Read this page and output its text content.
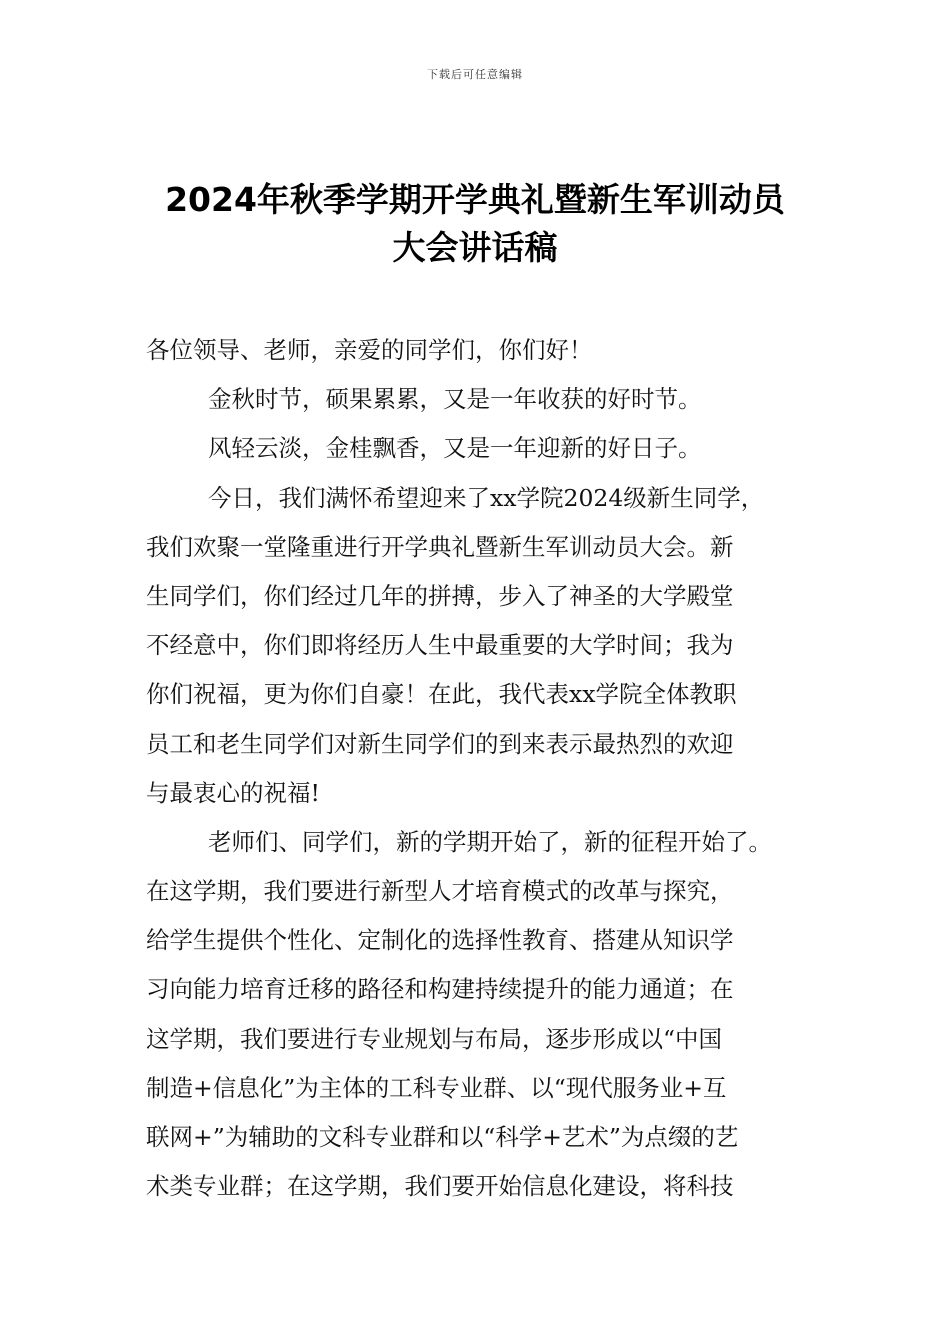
下载后可任意编辑
2024年秋季学期开学典礼暨新生军训动员
大会讲话稿
各位领导、老师，亲爱的同学们，你们好！
金秋时节，硕果累累，又是一年收获的好时节。
风轻云淡，金桂飘香，又是一年迎新的好日子。
今日，我们满怀希望迎来了xx学院2024级新生同学，
我们欢聚一堂隆重进行开学典礼暨新生军训动员大会。新
生同学们，你们经过几年的拼搏，步入了神圣的大学殿堂
不经意中，你们即将经历人生中最重要的大学时间；我为
你们祝福，更为你们自豪！在此，我代表xx学院全体教职
员工和老生同学们对新生同学们的到来表示最热烈的欢迎
与最衷心的祝福!
老师们、同学们，新的学期开始了，新的征程开始了。
在这学期，我们要进行新型人才培育模式的改革与探究，
给学生提供个性化、定制化的选择性教育、搭建从知识学
习向能力培育迁移的路径和构建持续提升的能力通道；在
这学期，我们要进行专业规划与布局，逐步形成以“中国
制造+信息化”为主体的工科专业群、以“现代服务业+互
联网+”为辅助的文科专业群和以“科学+艺术”为点缀的艺
术类专业群；在这学期，我们要开始信息化建设，将科技
